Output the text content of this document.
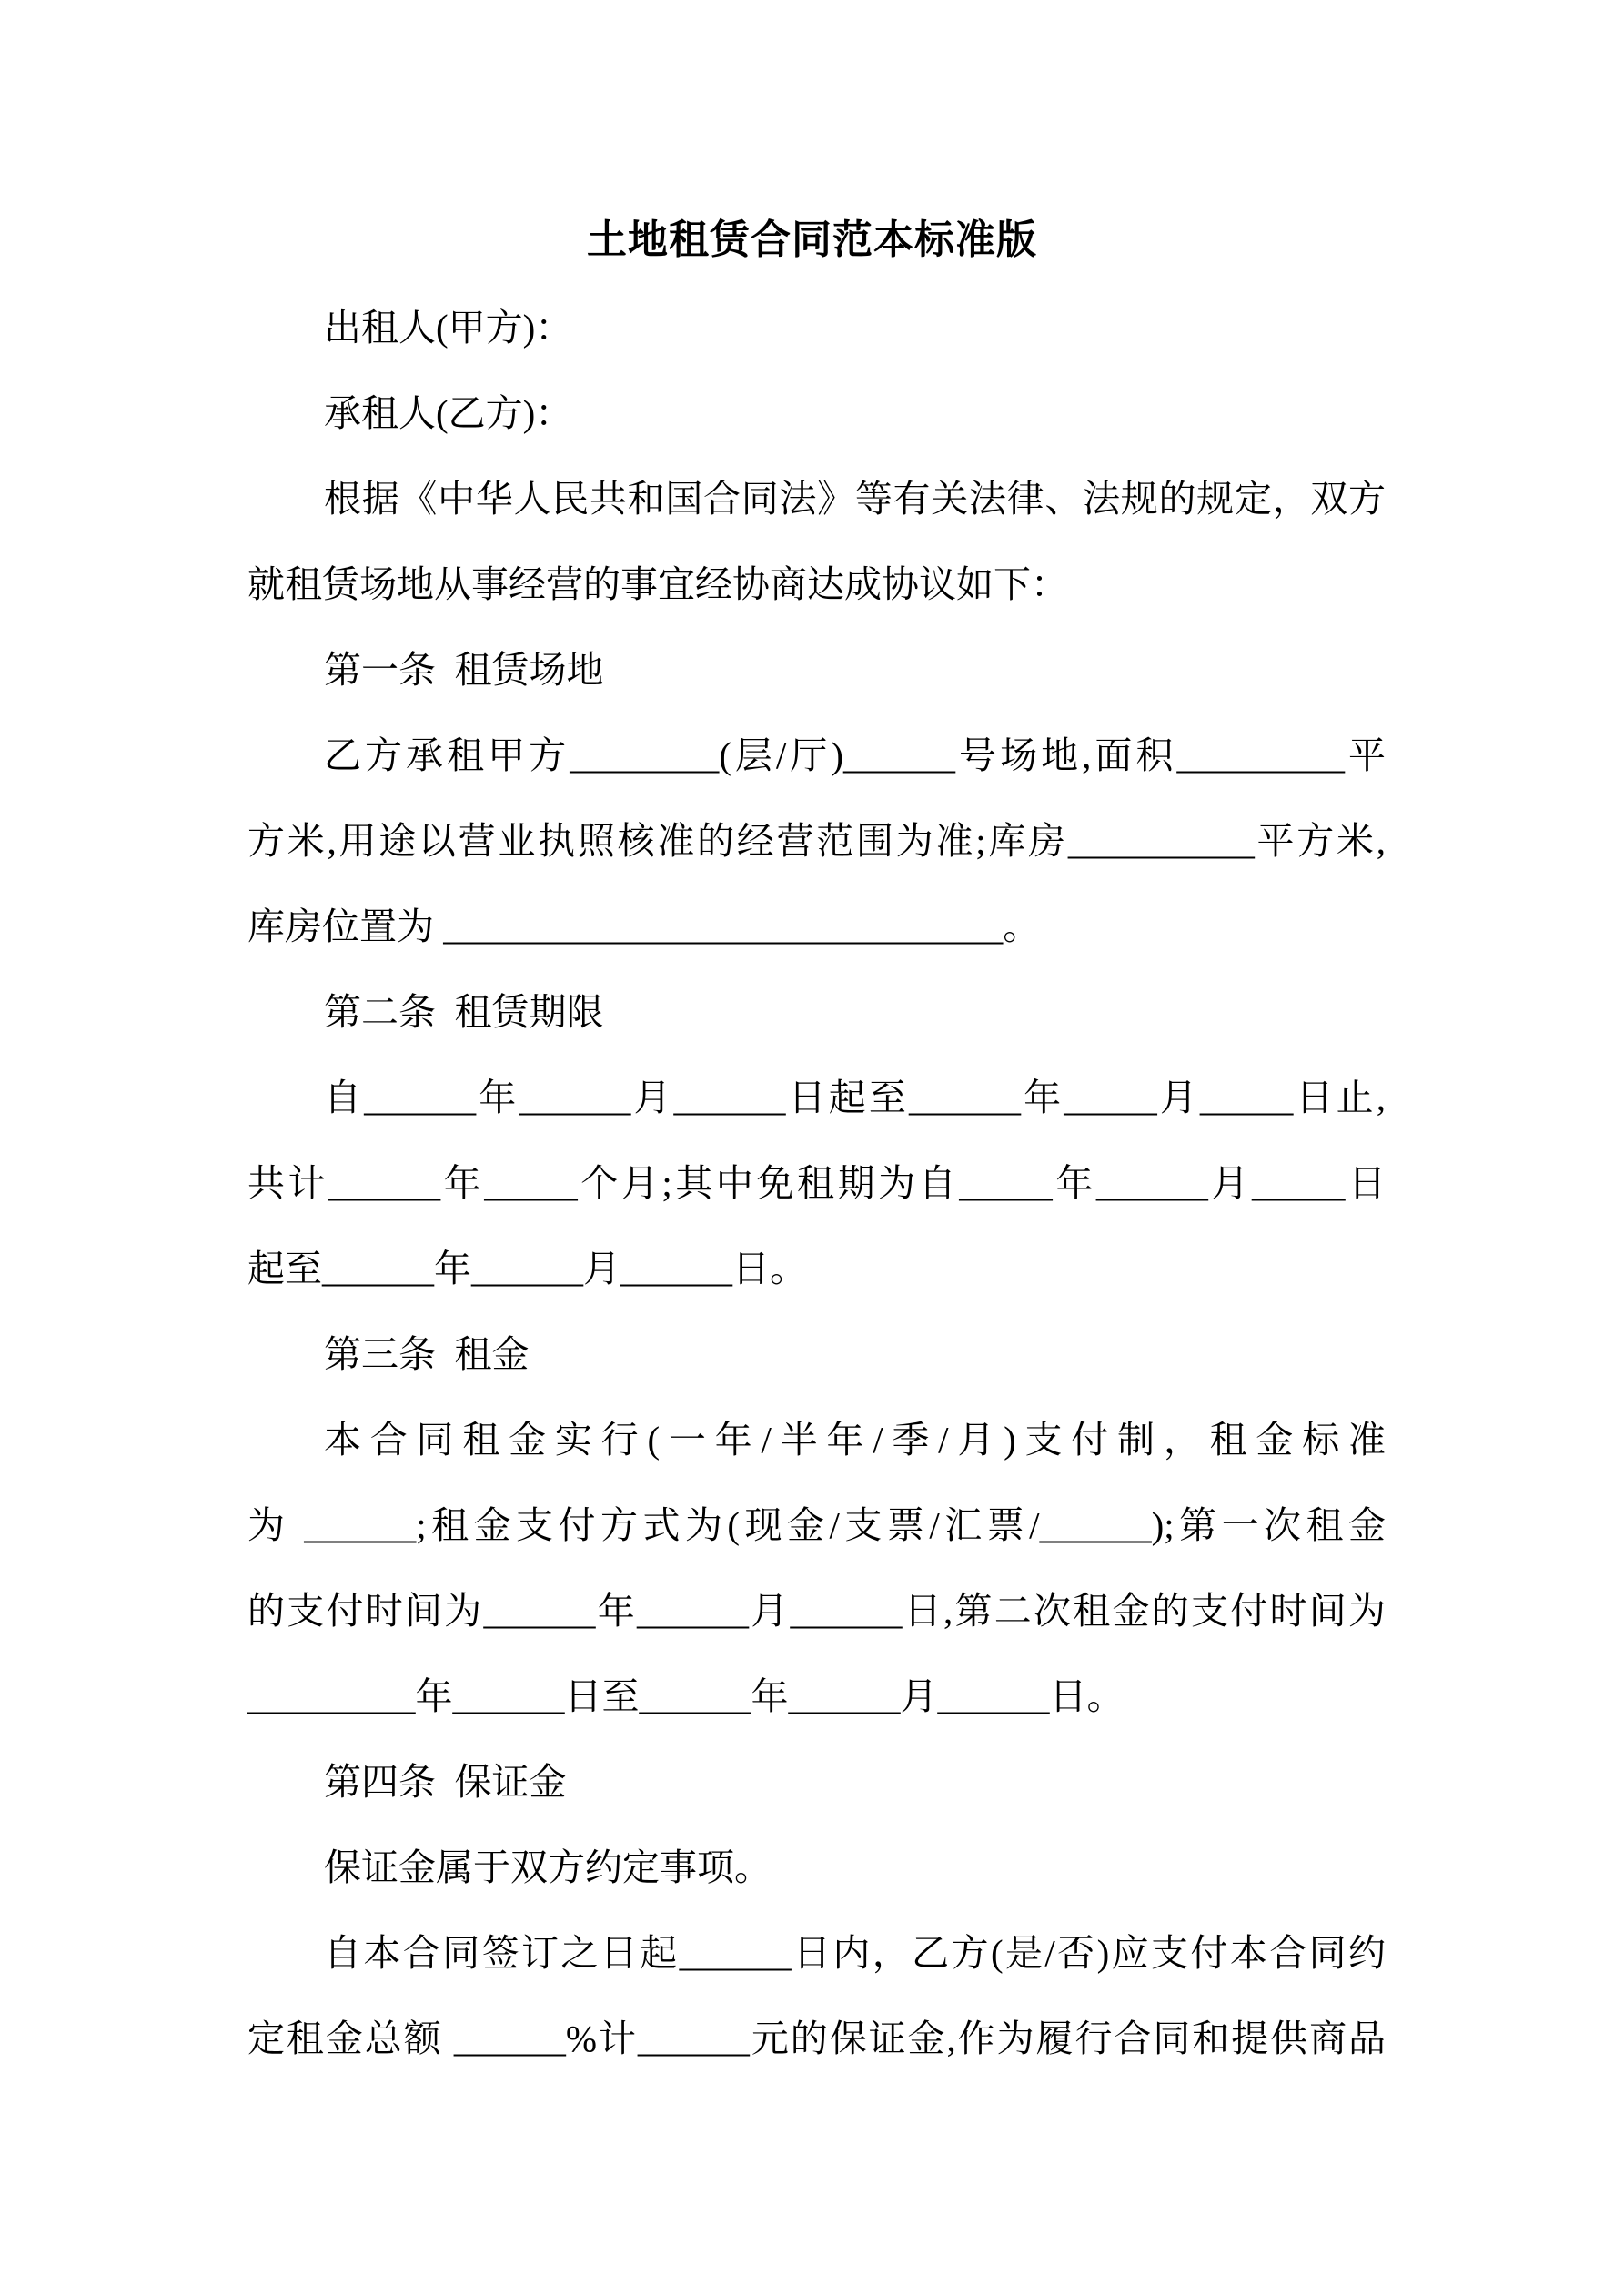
土地租赁合同范本标准版
出租人(甲方)：
承租人(乙方)：
根据《中华人民共和国合同法》等有关法律、法规的规定，双方
就租赁场地从事经营的事宜经协商达成协议如下：
第一条  租赁场地
乙方承租甲方________(层/厅)______号场地,面积_________平
方米,用途以营业执照核准的经营范围为准;库房__________平方米,
库房位置为 ______________________________。
第二条  租赁期限
自______年______月______日起至______年_____月_____日止,
共计______年_____个月;其中免租期为自_____年______月_____日
起至______年______月______日。
第三条  租金
本合同租金实行(一年/半年/季/月)支付制，租金标准
为 ______;租金支付方式为(现金/支票/汇票/______);第一次租金
的支付时间为______年______月______日,第二次租金的支付时间为
_________年______日至______年______月______日。
第四条  保证金
保证金属于双方约定事项。
自本合同签订之日起______日内，乙方(是/否)应支付本合同约
定租金总额 ______%计______元的保证金,作为履行合同和提供商品
